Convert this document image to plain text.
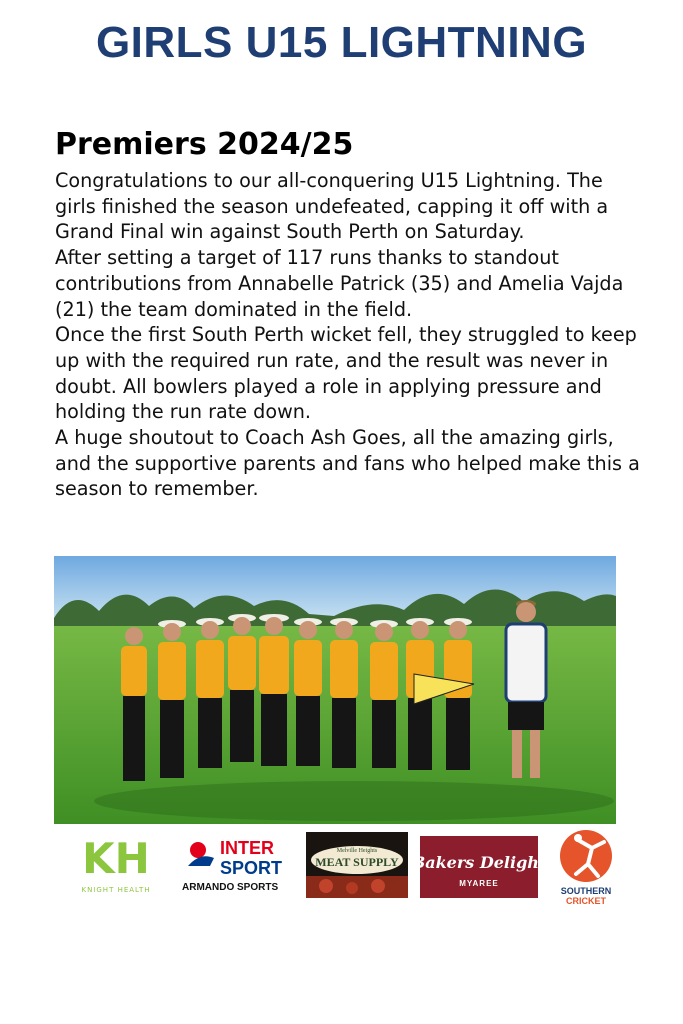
GIRLS U15 LIGHTNING
Premiers 2024/25

Congratulations to our all-conquering U15 Lightning. The girls finished the season undefeated, capping it off with a Grand Final win against South Perth on Saturday.

After setting a target of 117 runs thanks to standout contributions from Annabelle Patrick (35) and Amelia Vajda (21) the team dominated in the field.

Once the first South Perth wicket fell, they struggled to keep up with the required run rate, and the result was never in doubt. All bowlers played a role in applying pressure and holding the run rate down.

A huge shoutout to Coach Ash Goes, all the amazing girls, and the supportive parents and fans who helped make this a season to remember.

KH
KNIGHT HEALTH
INTER
SPORT
ARMANDO SPORTS
Melville Heights
MEAT SUPPLY Bakers Delight
MYAREE
SOUTHERN
CRICKET
